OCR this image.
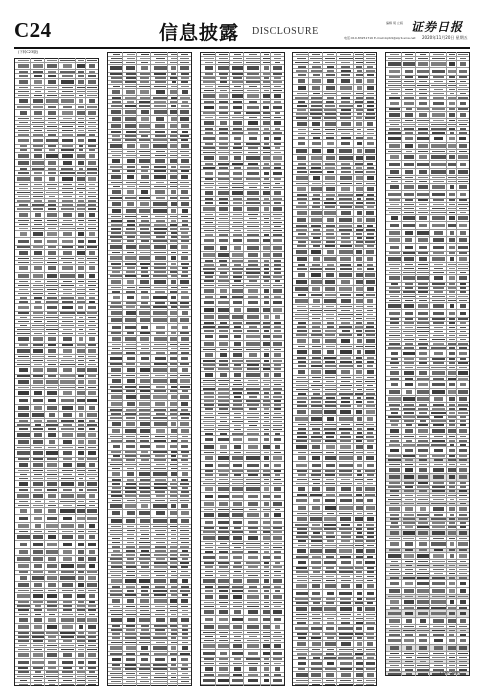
C24	信息披露 DISCLOSURE
编辑 胡 立娟 证券日报
电话:010-83251716 E-mail:zqrb9@zqrb.sina.net 2020年11月20日 星期五
(下转C23版)
(下转C25版)
